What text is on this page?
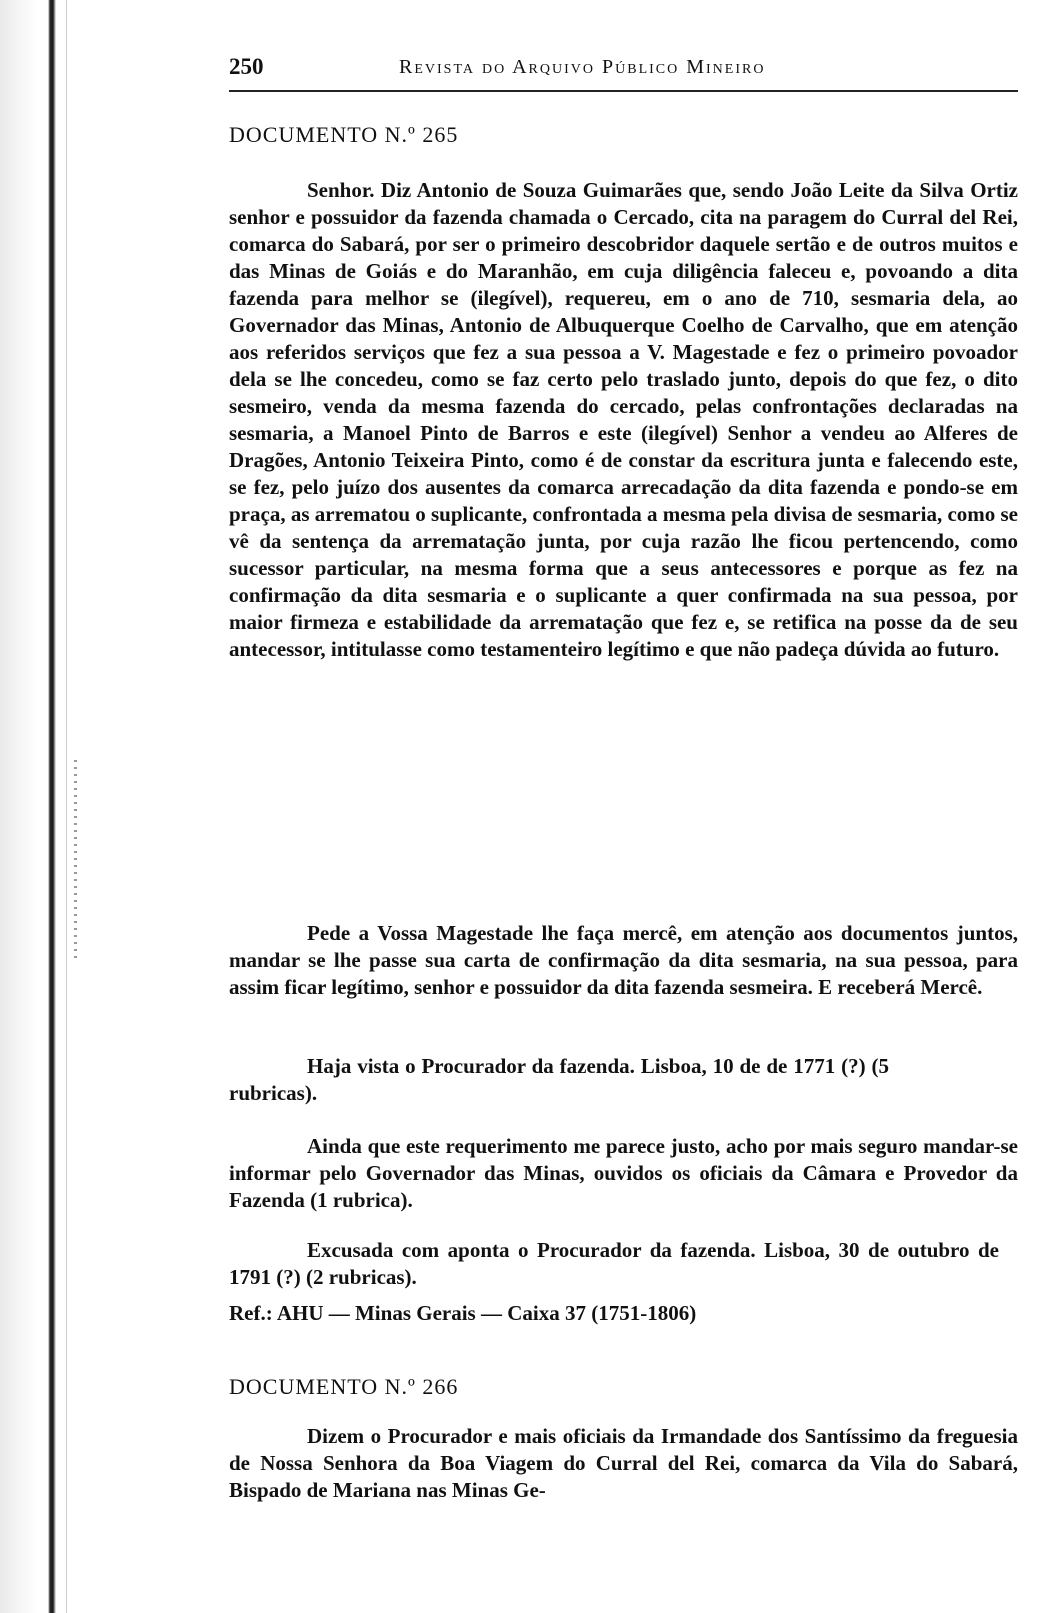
250	Revista do Arquivo Público Mineiro
DOCUMENTO N.º 265

Senhor. Diz Antonio de Souza Guimarães que, sendo João Leite da Silva Ortiz senhor e possuidor da fazenda chamada o Cercado, cita na paragem do Curral del Rei, comarca do Sabará, por ser o primeiro descobridor daquele sertão e de outros muitos e das Minas de Goiás e do Maranhão, em cuja diligência faleceu e, povoando a dita fazenda para melhor se (ilegível), requereu, em o ano de 710, sesmaria dela, ao Governador das Minas, Antonio de Albuquerque Coelho de Carvalho, que em atenção aos referidos serviços que fez a sua pessoa a V. Magestade e fez o primeiro povoador dela se lhe concedeu, como se faz certo pelo traslado junto, depois do que fez, o dito sesmeiro, venda da mesma fazenda do cercado, pelas confrontações declaradas na sesmaria, a Manoel Pinto de Barros e este (ilegível) Senhor a vendeu ao Alferes de Dragões, Antonio Teixeira Pinto, como é de constar da escritura junta e falecendo este, se fez, pelo juízo dos ausentes da comarca arrecadação da dita fazenda e pondo-se em praça, as arrematou o suplicante, confrontada a mesma pela divisa de sesmaria, como se vê da sentença da arrematação junta, por cuja razão lhe ficou pertencendo, como sucessor particular, na mesma forma que a seus antecessores e porque as fez na confirmação da dita sesmaria e o suplicante a quer confirmada na sua pessoa, por maior firmeza e estabilidade da arrematação que fez e, se retifica na posse da de seu antecessor, intitulasse como testamenteiro legítimo e que não padeça dúvida ao futuro.

Pede a Vossa Magestade lhe faça mercê, em atenção aos documentos juntos, mandar se lhe passe sua carta de confirmação da dita sesmaria, na sua pessoa, para assim ficar legítimo, senhor e possuidor da dita fazenda sesmeira. E receberá Mercê.

Haja vista o Procurador da fazenda. Lisboa, 10 de de 1771 (?) (5 rubricas).

Ainda que este requerimento me parece justo, acho por mais seguro mandar-se informar pelo Governador das Minas, ouvidos os oficiais da Câmara e Provedor da Fazenda (1 rubrica).

Excusada com aponta o Procurador da fazenda. Lisboa, 30 de outubro de 1791 (?) (2 rubricas).

Ref.: AHU — Minas Gerais — Caixa 37 (1751-1806)
DOCUMENTO N.º 266

Dizem o Procurador e mais oficiais da Irmandade dos Santíssimo da freguesia de Nossa Senhora da Boa Viagem do Curral del Rei, comarca da Vila do Sabará, Bispado de Mariana nas Minas Ge-
